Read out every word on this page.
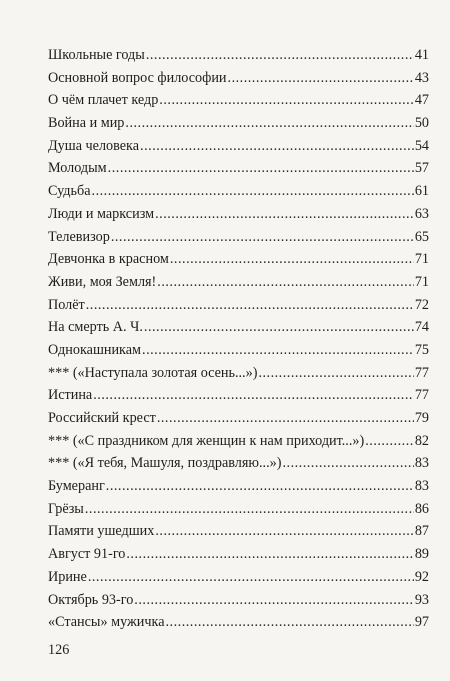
Школьные годы .....	41
Основной вопрос философии .....	43
О чём плачет кедр .....	47
Война и мир .....	50
Душа человека .....	54
Молодым .....	57
Судьба .....	61
Люди и марксизм .....	63
Телевизор .....	65
Девчонка в красном .....	71
Живи, моя Земля! .....	71
Полёт .....	72
На смерть А. Ч. .....	74
Однокашникам .....	75
*** («Наступала золотая осень...») .....	77
Истина .....	77
Российский крест .....	79
*** («С праздником для женщин к нам приходит...») .....	82
*** («Я тебя, Машуля, поздравляю...») .....	83
Бумеранг .....	83
Грёзы .....	86
Памяти ушедших .....	87
Август 91-го .....	89
Ирине .....	92
Октябрь 93-го .....	93
«Стансы» мужичка .....	97
126
